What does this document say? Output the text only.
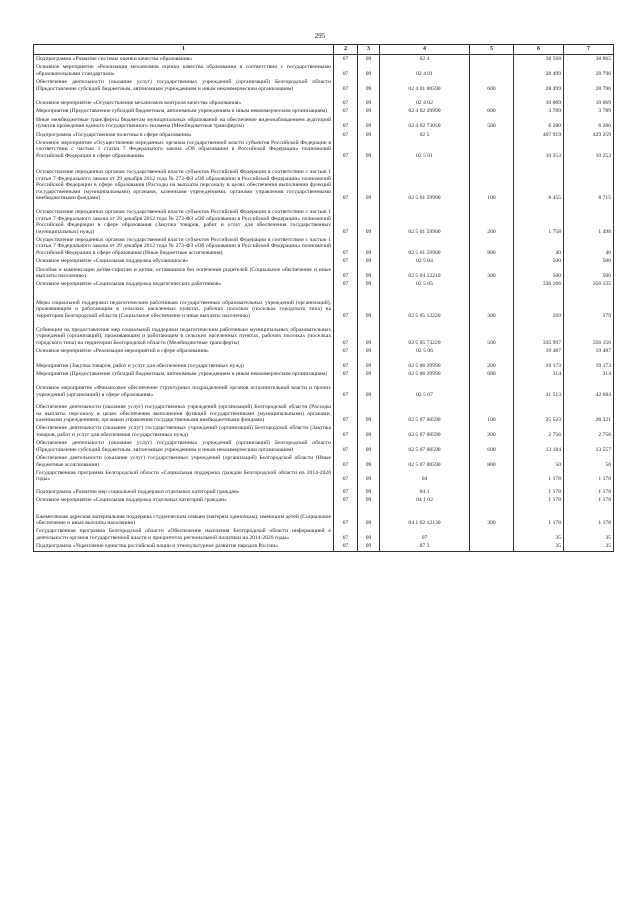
295
1	2	3	4	5	6	7
Подпрограмма «Развитие системы оценки качества образования»	07	09	02 4		38 568	38 865
Основное мероприятие «Реализация механизмов оценки качества образования в соответствии с государственными образовательными стандартами»	07	09	02 4 01		28 499	28 796
Обеспечение деятельности (оказание услуг) государственных учреждений (организаций) Белгородской области (Предоставление субсидий бюджетным, автономным учреждениям и иным некоммерческим организациям)	07	09	02 4 01 00590	600	28 499	28 796

Основное мероприятие «Осуществление механизмов контроля качества образования»	07	09	02 4 02		10 069	10 069
Мероприятия (Предоставление субсидий бюджетным, автономным учреждениям и иным некоммерческим организациям)	07	09	02 4 02 29990	600	3 789	3 789
Иные межбюджетные трансферты бюджетам муниципальных образований на обеспечение видеонаблюдением аудиторий пунктов проведения единого государственного экзамена (Межбюджетные трансферты)	07	09	02 4 02 73050	500	6 280	6 280
Подпрограмма «Государственная политика в сфере образования»	07	09	02 5		407 919	429 259
Основное мероприятие «Осуществление переданных органам государственной власти субъектов Российской Федерации в соответствии с частью 1 статьи 7 Федерального закона «Об образовании в Российской Федерации» полномочий Российской Федерации в сфере образования»	07	09	02 5 01		10 253	10 253

Осуществление переданных органам государственной власти субъектов Российской Федерации в соответствии с частью 1 статьи 7 Федерального закона от 29 декабря 2012 года № 273-ФЗ «Об образовании в Российской Федерации» полномочий Российской Федерации в сфере образования (Расходы на выплаты персоналу в целях обеспечения выполнения функций государственными (муниципальными) органами, казенными учреждениями, органами управления государственными внебюджетными фондами)	07	09	02 5 01 59900	100	8 455	8 715

Осуществление переданных органам государственной власти субъектов Российской Федерации в соответствии с частью 1 статьи 7 Федерального закона от 29 декабря 2012 года № 273-ФЗ «Об образовании в Российской Федерации» полномочий Российской Федерации в сфере образования (Закупка товаров, работ и услуг для обеспечения государственных (муниципальных) нужд)	07	09	02 5 01 59900	200	1 758	1 498
Осуществление переданных органам государственной власти субъектов Российской Федерации в соответствии с частью 1 статьи 7 Федерального закона от 29 декабря 2012 года № 273-ФЗ «Об образовании в Российской Федерации» полномочий Российской Федерации в сфере образования (Иные бюджетные ассигнования)	07	09	02 5 01 59900	800	40	40
Основное мероприятие «Социальная поддержка обучающихся»	07	09	02 5 04		500	500
Пособия и компенсации детям-сиротам и детям, оставшимся без попечения родителей (Социальное обеспечение и иные выплаты населению)	07	09	02 5 04 12210	300	500	500
Основное мероприятие «Социальная поддержка педагогических работников»	07	09	02 5 05		336 166	356 335

Меры социальной поддержки педагогическим работникам государственных образовательных учреждений (организаций), проживающим и работающим в сельских населенных пунктах, рабочих поселках (поселках городского типа) на территории Белгородской области (Социальное обеспечение и иные выплаты населению)	07	09	02 5 05 12220	300	169	179

Субвенции на предоставление мер социальной поддержки педагогическим работникам муниципальных образовательных учреждений (организаций), проживающим и работающим в сельских населенных пунктах, рабочих поселках (поселках городского типа) на территории Белгородской области (Межбюджетные трансферты)	07	09	02 5 05 73220	500	335 997	356 156
Основное мероприятие «Реализация мероприятий в сфере образования»	07	09	02 5 06		19 487	19 487

Мероприятия (Закупка товаров, работ и услуг для обеспечения государственных нужд)	07	09	02 5 06 29990	200	19 173	19 173
Мероприятия (Предоставление субсидий бюджетным, автономным учреждениям и иным некоммерческим организациям)	07	09	02 5 06 29990	600	314	314

Основное мероприятие «Финансовое обеспечение структурных подразделений органов исполнительной власти и прочих учреждений (организаций) в сфере образования»	07	09	02 5 07		41 513	42 684

Обеспечение деятельности (оказание услуг) государственных учреждений (организаций) Белгородской области (Расходы на выплаты персоналу в целях обеспечения выполнения функций государственными (муниципальными) органами, казенными учреждениями, органами управления государственными внебюджетными фондами)	07	09	02 5 07 00590	100	25 523	26 321
Обеспечение деятельности (оказание услуг) государственных учреждений (организаций) Белгородской области (Закупка товаров, работ и услуг для обеспечения государственных нужд)	07	09	02 5 07 00590	200	2 756	2 756
Обеспечение деятельности (оказание услуг) государственных учреждений (организаций) Белгородской области (Предоставление субсидий бюджетным, автономным учреждениям и иным некоммерческим организациям)	07	09	02 5 07 00590	600	13 184	13 557
Обеспечение деятельности (оказание услуг) государственных учреждений (организаций) Белгородской области (Иные бюджетные ассигнования)	07	09	02 5 07 00590	800	50	50
Государственная программа Белгородской области «Социальная поддержка граждан Белгородской области на 2014-2020 годы»	07	09	04		1 178	1 178

Подпрограмма «Развитие мер социальной поддержки отдельных категорий граждан»	07	09	04 1		1 178	1 178
Основное мероприятие «Социальная поддержка отдельных категорий граждан»	07	09	04 1 02		1 178	1 178

Ежемесячная адресная материальная поддержка студенческим семьям (матерям одиночкам), имеющим детей (Социальное обеспечение и иные выплаты населению)	07	09	04 1 02 12130	300	1 178	1 178
Государственная программа Белгородской области «Обеспечение населения Белгородской области информацией о деятельности органов государственной власти и приоритетах региональной политики на 2014-2020 годы»	07	09	07		35	35
Подпрограмма «Укрепление единства российской нации и этнокультурное развитие народов России»	07	09	07 3		35	35
